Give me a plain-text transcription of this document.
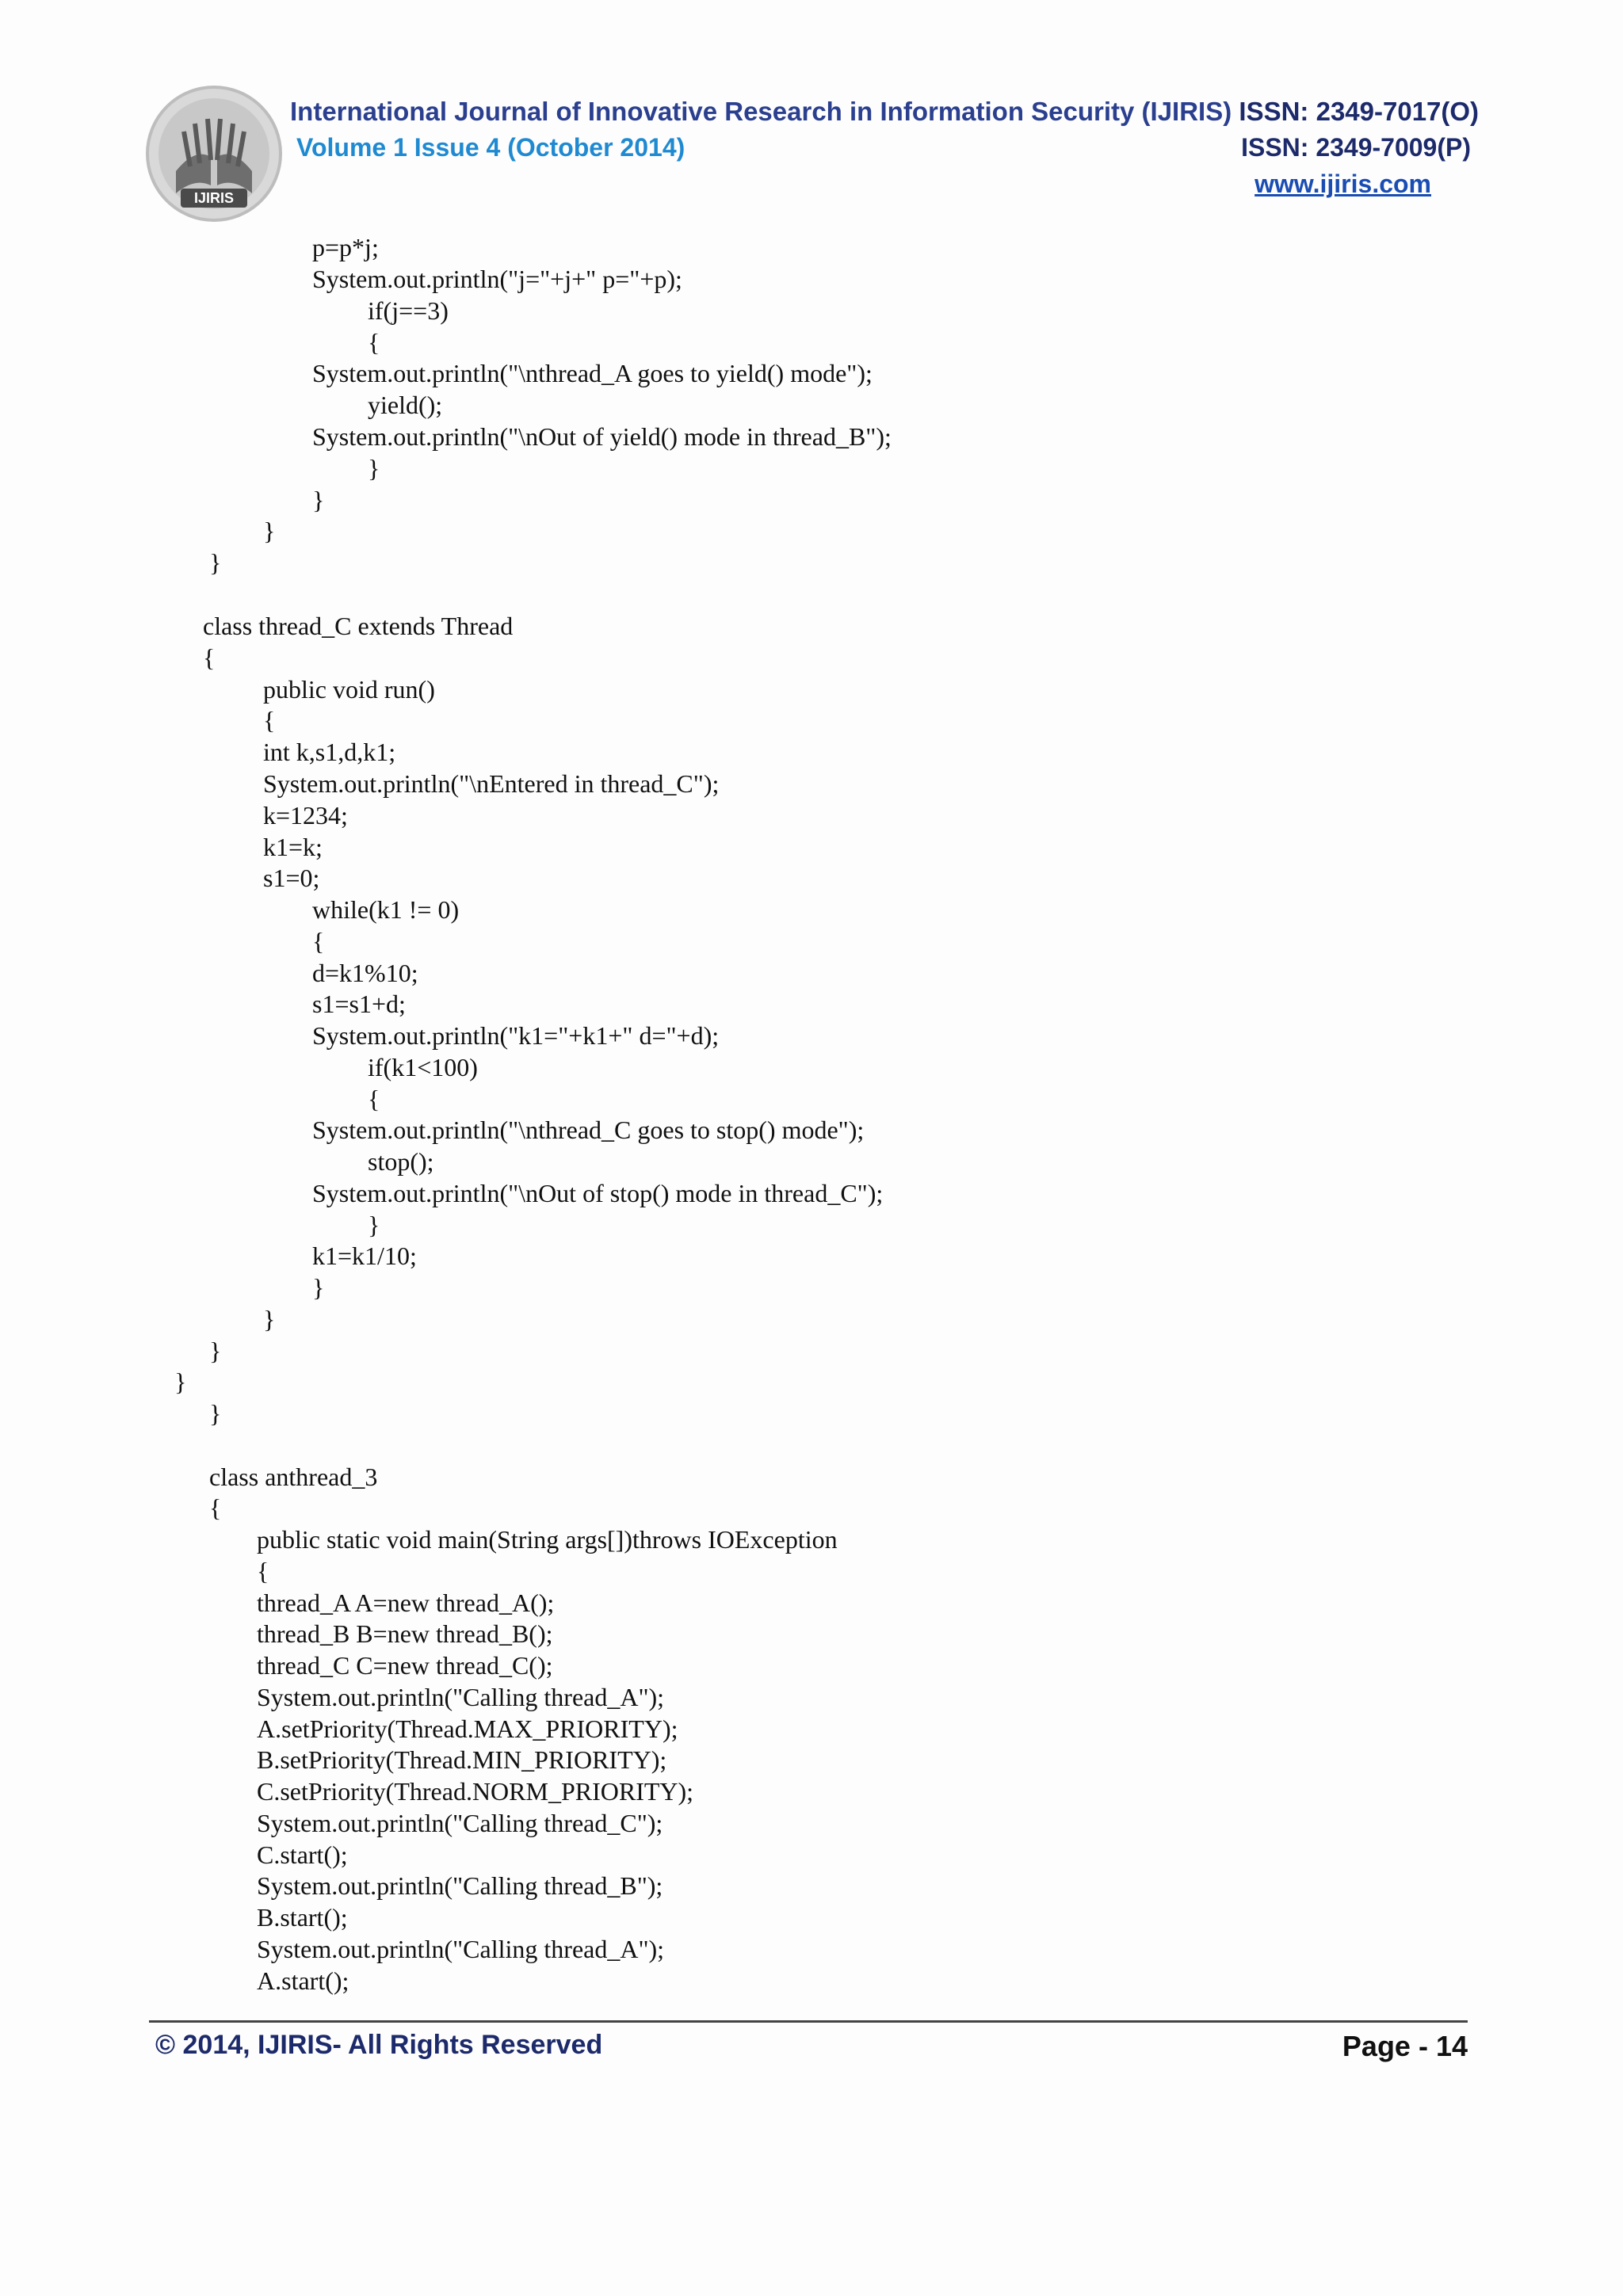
IJIRIS
International Journal of Innovative Research in Information Security (IJIRIS) ISSN: 2349-7017(O)
Volume 1 Issue 4 (October 2014)	ISSN: 2349-7009(P)
www.ijiris.com
p=p*j;
System.out.println("j="+j+" p="+p);
if(j==3)
{
System.out.println("\nthread_A goes to yield() mode");
yield();
System.out.println("\nOut of yield() mode in thread_B");
}
}
}
}
class thread_C extends Thread
{
public void run()
{
int k,s1,d,k1;
System.out.println("\nEntered in thread_C");
k=1234;
k1=k;
s1=0;
while(k1 != 0)
{
d=k1%10;
s1=s1+d;
System.out.println("k1="+k1+" d="+d);
if(k1<100)
{
System.out.println("\nthread_C goes to stop() mode");
stop();
System.out.println("\nOut of stop() mode in thread_C");
}
k1=k1/10;
}
}
}
}
}
class anthread_3
{
public static void main(String args[])throws IOException
{
thread_A A=new thread_A();
thread_B B=new thread_B();
thread_C C=new thread_C();
System.out.println("Calling thread_A");
A.setPriority(Thread.MAX_PRIORITY);
B.setPriority(Thread.MIN_PRIORITY);
C.setPriority(Thread.NORM_PRIORITY);
System.out.println("Calling thread_C");
C.start();
System.out.println("Calling thread_B");
B.start();
System.out.println("Calling thread_A");
A.start();
© 2014, IJIRIS- All Rights Reserved	Page - 14
